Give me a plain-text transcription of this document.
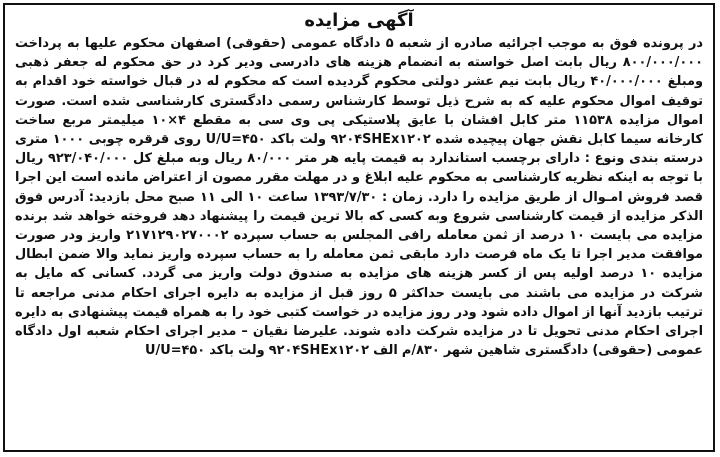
آگهی مزایده
در پرونده فوق به موجب اجرائیه صادره از شعبه ۵ دادگاه عمومی (حقوقی) اصفهان محکوم علیها به پرداخت ۸۰۰/۰۰۰/۰۰۰ ریال بابت اصل خواسته به انضمام هزینه های دادرسی ودیر کرد در حق محکوم له جعفر ذهبی ومبلغ ۴۰/۰۰۰/۰۰۰ ریال بابت نیم عشر دولتی محکوم گردیده است که محکوم له در قبال خواسته خود اقدام به توقیف اموال محکوم علیه که به شرح ذیل توسط کارشناس رسمی دادگستری کارشناسی شده است. صورت اموال مزایده ۱۱۵۳۸ متر کابل افشان با عایق پلاستیکی پی وی سی به مقطع ۴×۱۰ میلیمتر مربع ساخت کارخانه سیما کابل نقش جهان پیچیده شده ۹۲۰۴SHEx۱۲۰۲ ولت باکد U/U=۴۵۰ روی قرقره چوبی ۱۰۰۰ متری درسته بندی ونوع : دارای برچسب استاندارد به قیمت پایه هر متر ۸۰/۰۰۰ ریال وبه مبلغ کل ۹۲۳/۰۴۰/۰۰۰ ریال با توجه به اینکه نظریه کارشناسی به محکوم علیه ابلاغ و در مهلت مقرر مصون از اعتراض مانده است این اجرا قصد فروش امـوال از طریق مزایده را دارد. زمان : ۱۳۹۳/۷/۳۰ ساعت ۱۰ الی ۱۱ صبح محل بازدید: آدرس فوق الذکر مزایده از قیمت کارشناسی شروع وبه کسی که بالا ترین قیمت را پیشنهاد دهد فروخته خواهد شد برنده مزایده می بایست ۱۰ درصد از ثمن معامله رافی المجلس به حساب سپرده ۲۱۷۱۲۹۰۲۷۰۰۰۲ واریز ودر صورت موافقت مدیر اجرا تا یک ماه فرصت دارد مابقی ثمن معامله را به حساب سپرده واریز نماید والا ضمن ابطال مزایده ۱۰ درصد اولیه پس از کسر هزینه های مزایده به صندوق دولت واریز می گردد. کسانی که مایل به شرکت در مزایده می باشند می بایست حداکثر ۵ روز قبل از مزایده به دایره اجرای احکام مدنی مراجعه تا ترتیب بازدید آنها از اموال داده شود ودر روز مزایده در خواست کتبی خود را به همراه قیمت پیشنهادی به دایره اجرای احکام مدنی تحویل تا در مزایده شرکت داده شوند. علیرضا نقیان – مدیر اجرای احکام شعبه اول دادگاه عمومی (حقوقی) دادگستری شاهین شهر ۸۳۰/م الف ۹۲۰۴SHEx۱۲۰۲ ولت باکد U/U=۴۵۰
